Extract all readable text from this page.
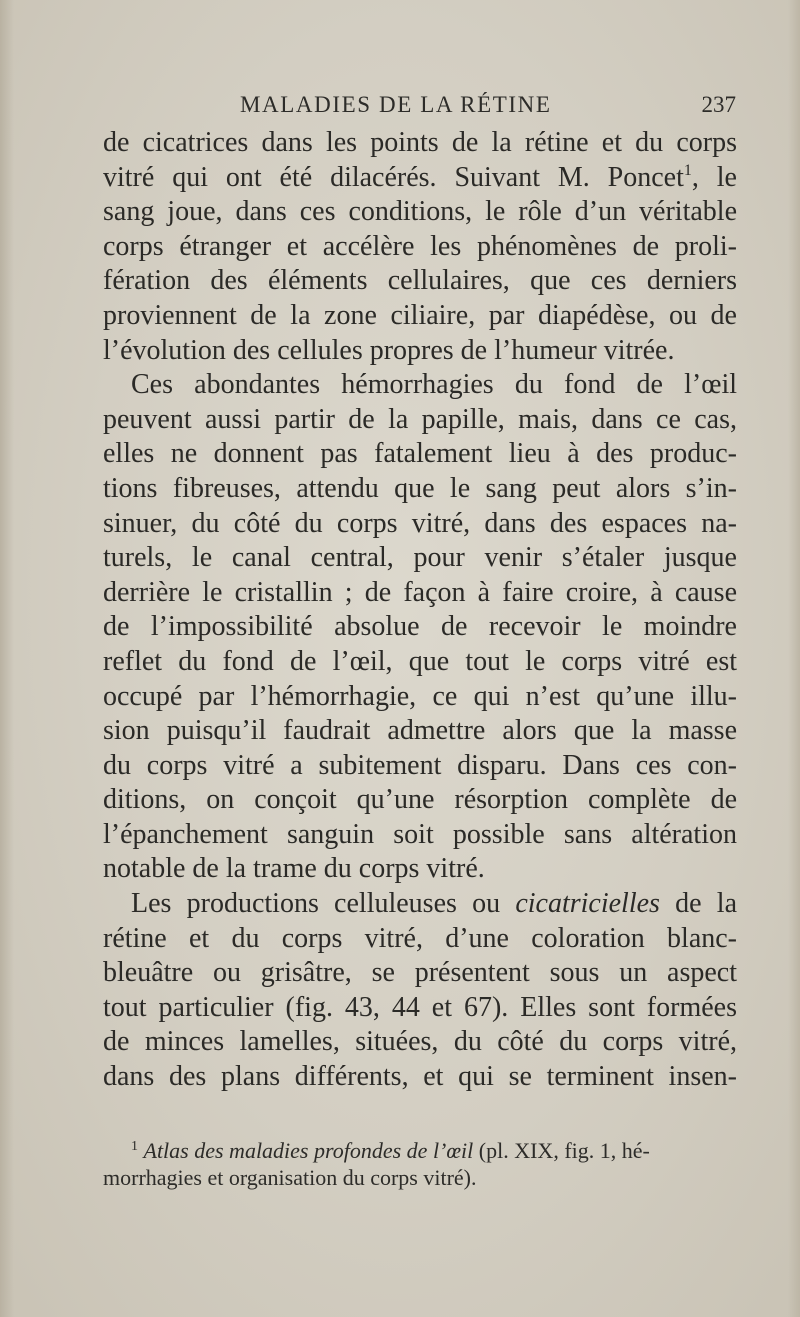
MALADIES DE LA RÉTINE	237
de cicatrices dans les points de la rétine et du corps
vitré qui ont été dilacérés. Suivant M. Poncet$^1$, le
sang joue, dans ces conditions, le rôle d’un véritable
corps étranger et accélère les phénomènes de proli-
fération des éléments cellulaires, que ces derniers
proviennent de la zone ciliaire, par diapédèse, ou de
l’évolution des cellules propres de l’humeur vitrée.
Ces abondantes hémorrhagies du fond de l’œil
peuvent aussi partir de la papille, mais, dans ce cas,
elles ne donnent pas fatalement lieu à des produc-
tions fibreuses, attendu que le sang peut alors s’in-
sinuer, du côté du corps vitré, dans des espaces na-
turels, le canal central, pour venir s’étaler jusque
derrière le cristallin ; de façon à faire croire, à cause
de l’impossibilité absolue de recevoir le moindre
reflet du fond de l’œil, que tout le corps vitré est
occupé par l’hémorrhagie, ce qui n’est qu’une illu-
sion puisqu’il faudrait admettre alors que la masse
du corps vitré a subitement disparu. Dans ces con-
ditions, on conçoit qu’une résorption complète de
l’épanchement sanguin soit possible sans altération
notable de la trame du corps vitré.
Les productions celluleuses ou cicatricielles de la
rétine et du corps vitré, d’une coloration blanc-
bleuâtre ou grisâtre, se présentent sous un aspect
tout particulier (fig. 43, 44 et 67). Elles sont formées
de minces lamelles, situées, du côté du corps vitré,
dans des plans différents, et qui se terminent insen-
$^1$ Atlas des maladies profondes de l’œil (pl. XIX, fig. 1, hé-
morrhagies et organisation du corps vitré).
